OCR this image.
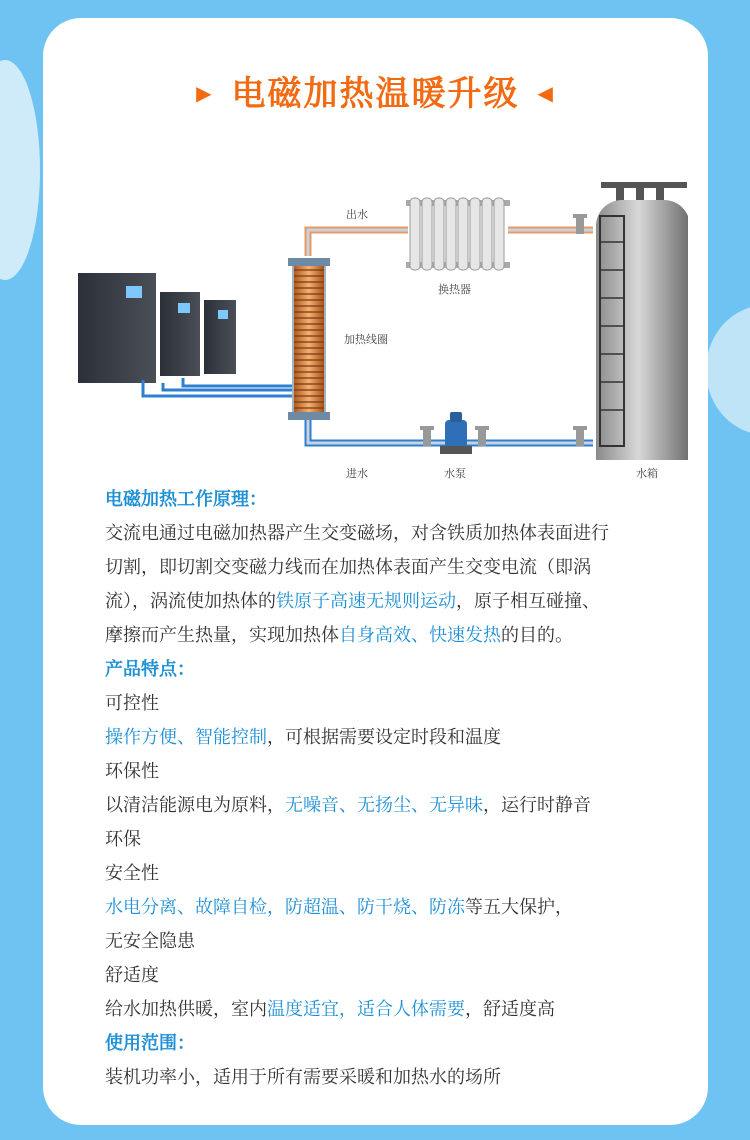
▶ 电磁加热温暖升级 ◀
出水
换热器
加热线圈
进水	水泵	水箱
电磁加热工作原理：
交流电通过电磁加热器产生交变磁场，对含铁质加热体表面进行
切割，即切割交变磁力线而在加热体表面产生交变电流（即涡
流），涡流使加热体的铁原子高速无规则运动，原子相互碰撞、
摩擦而产生热量，实现加热体自身高效、快速发热的目的。
产品特点：
可控性
操作方便、智能控制，可根据需要设定时段和温度
环保性
以清洁能源电为原料，无噪音、无扬尘、无异味，运行时静音
环保
安全性
水电分离、故障自检，防超温、防干烧、防冻等五大保护，
无安全隐患
舒适度
给水加热供暖，室内温度适宜，适合人体需要，舒适度高
使用范围：
装机功率小，适用于所有需要采暖和加热水的场所
